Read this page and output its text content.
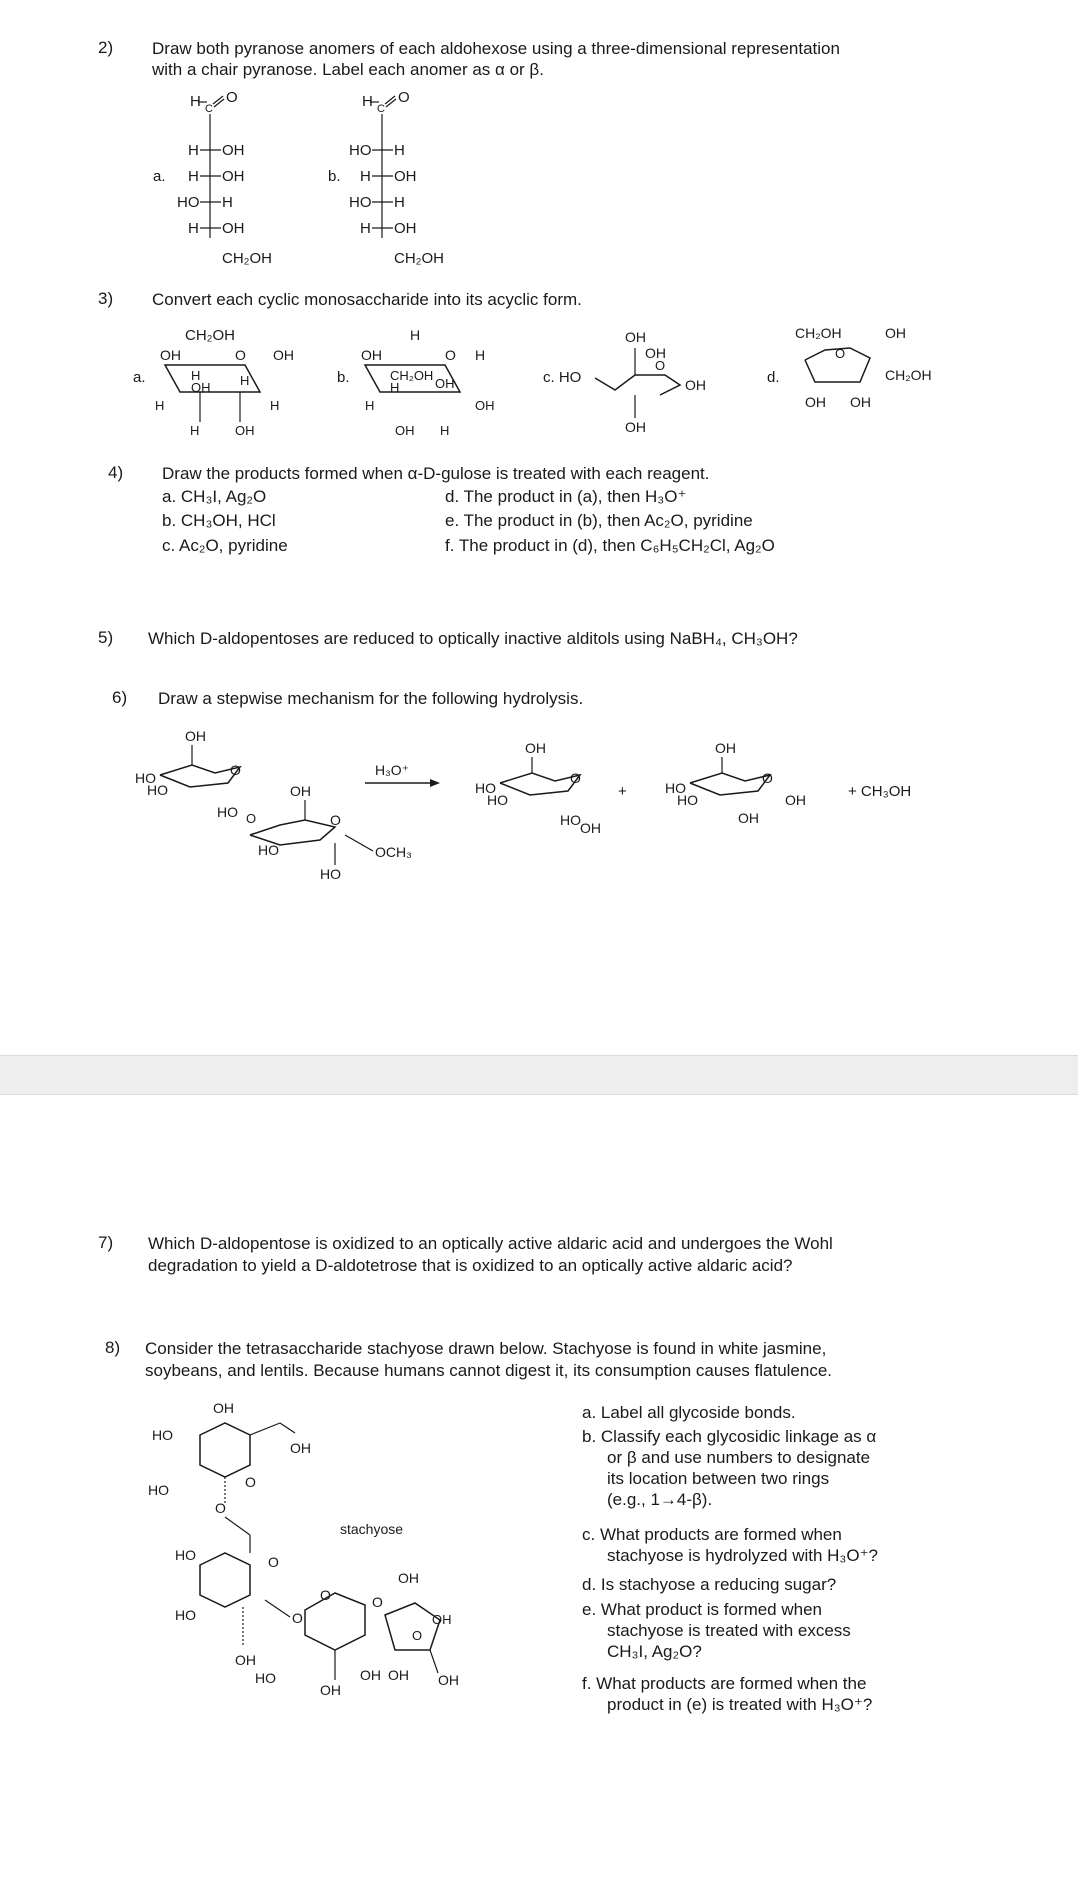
2) Draw both pyranose anomers of each aldohexose using a three-dimensional representation
with a chair pyranose. Label each anomer as α or β.
H C
O
H OH
H OH
HO H
H OH
a.
CH₂OH
H C
O
HO H
H OH
HO H
H OH
b.
CH₂OH
3) Convert each cyclic monosaccharide into its acyclic form.
a.
CH₂OH
OH	O OH
H
OH H
H	H
H	OH
b.
H
OH	O H
CH₂OH
H	OH
H	OH
OH H
c. HO
OH
OH
O
OH
OH
d.
CH₂OH	OH
O
CH₂OH
OH OH
4) Draw the products formed when α-D-gulose is treated with each reagent.
a. CH₃I, Ag₂O
b. CH₃OH, HCl
c. Ac₂O, pyridine
d. The product in (a), then H₃O⁺
e. The product in (b), then Ac₂O, pyridine
f. The product in (d), then C₆H₅CH₂Cl, Ag₂O
5) Which D-aldopentoses are reduced to optically inactive alditols using NaBH₄, CH₃OH?
6) Draw a stepwise mechanism for the following hydrolysis.
OH
O
HO
HO	OH
HO O	O
HO	OCH₃
HO
H₃O⁺
OH
O
HO
HO
HO OH
+
OH
O
HO
HO	OH
OH
+ CH₃OH
7) Which D-aldopentose is oxidized to an optically active aldaric acid and undergoes the Wohl
degradation to yield a D-aldotetrose that is oxidized to an optically active aldaric acid?
8) Consider the tetrasaccharide stachyose drawn below. Stachyose is found in white jasmine,
soybeans, and lentils. Because humans cannot digest it, its consumption causes flatulence.
OH
HO
OH
O
HO
O
stachyose
HO	O
HO
OH
O
O
HO
OH
O
O
OH
OH
OH OH OH
a. Label all glycoside bonds.
b. Classify each glycosidic linkage as α
or β and use numbers to designate
its location between two rings
(e.g., 1→4-β).
c. What products are formed when
stachyose is hydrolyzed with H₃O⁺?
d. Is stachyose a reducing sugar?
e. What product is formed when
stachyose is treated with excess
CH₃I, Ag₂O?
f. What products are formed when the
product in (e) is treated with H₃O⁺?
